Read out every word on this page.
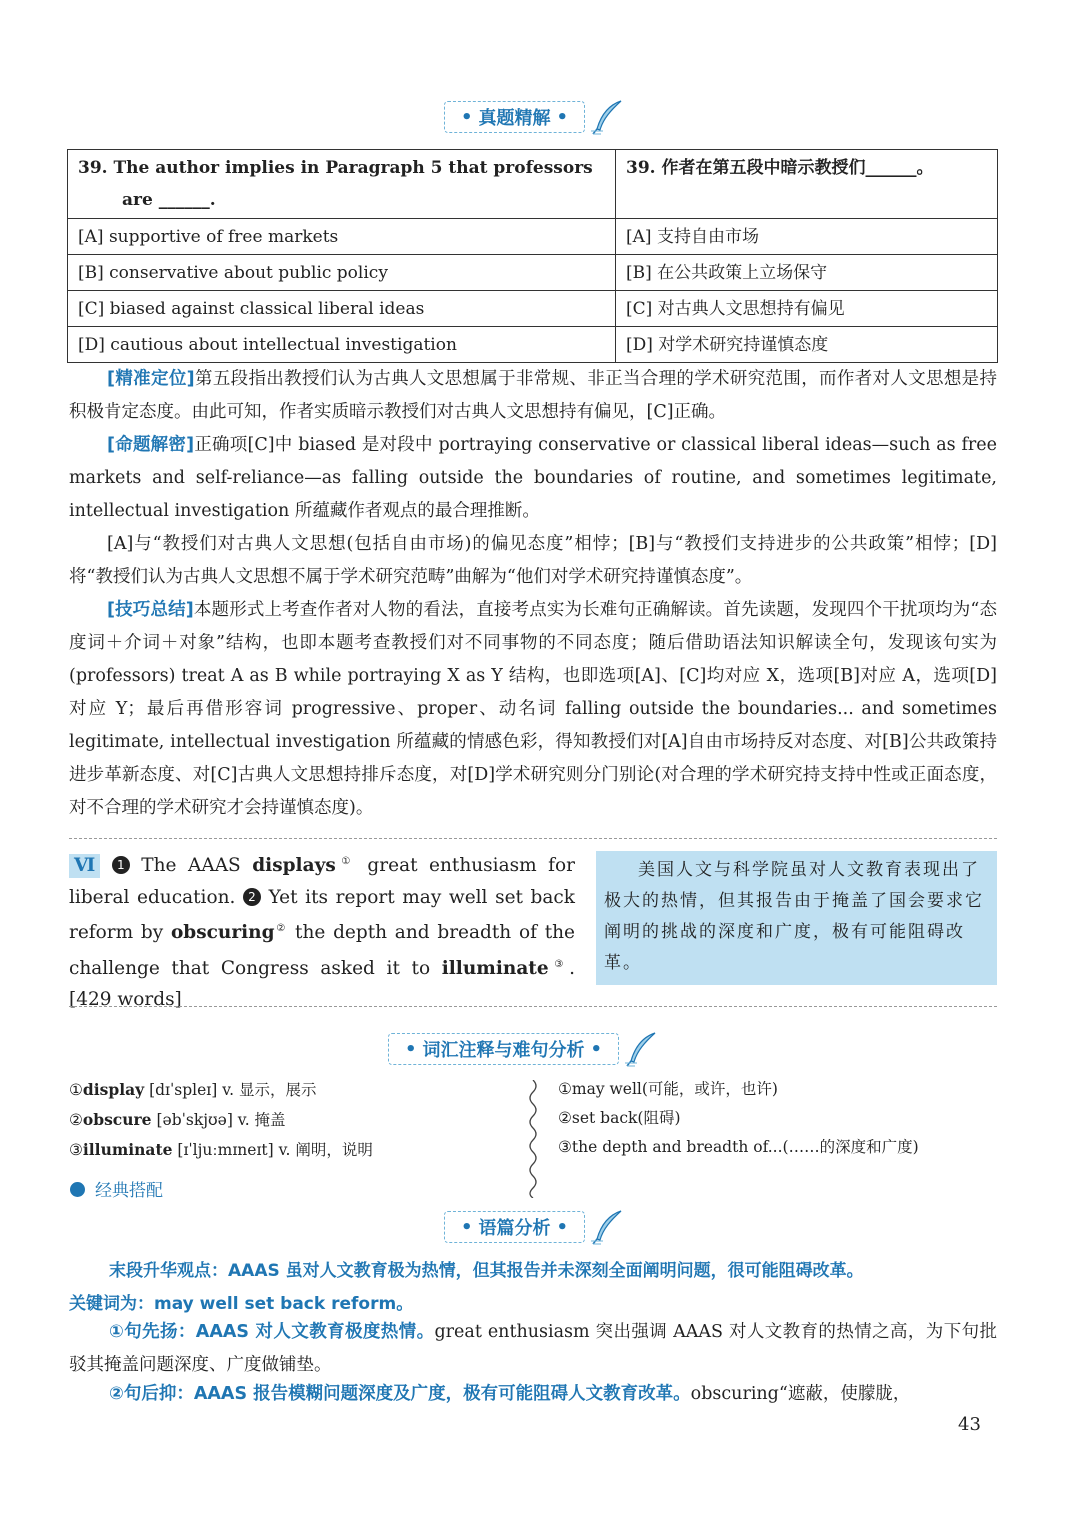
• 真题精解 •
39. The author implies in Paragraph 5 that professors
are ______.	39. 作者在第五段中暗示教授们______。
[A] supportive of free markets	[A] 支持自由市场
[B] conservative about public policy	[B] 在公共政策上立场保守
[C] biased against classical liberal ideas	[C] 对古典人文思想持有偏见
[D] cautious about intellectual investigation	[D] 对学术研究持谨慎态度
[精准定位]第五段指出教授们认为古典人文思想属于非常规、非正当合理的学术研究范围，而作者对人文思想是持积极肯定态度。由此可知，作者实质暗示教授们对古典人文思想持有偏见，[C]正确。
[命题解密]正确项[C]中 biased 是对段中 portraying conservative or classical liberal ideas—such as free markets and self-reliance—as falling outside the boundaries of routine, and sometimes legitimate, intellectual investigation 所蕴藏作者观点的最合理推断。
[A]与“教授们对古典人文思想(包括自由市场)的偏见态度”相悖；[B]与“教授们支持进步的公共政策”相悖；[D]将“教授们认为古典人文思想不属于学术研究范畴”曲解为“他们对学术研究持谨慎态度”。
[技巧总结]本题形式上考查作者对人物的看法，直接考点实为长难句正确解读。首先读题，发现四个干扰项均为“态度词＋介词＋对象”结构，也即本题考查教授们对不同事物的不同态度；随后借助语法知识解读全句，发现该句实为(professors) treat A as B while portraying X as Y 结构，也即选项[A]、[C]均对应 X，选项[B]对应 A，选项[D]对应 Y；最后再借形容词 progressive、proper、动名词 falling outside the boundaries... and sometimes legitimate, intellectual investigation 所蕴藏的情感色彩，得知教授们对[A]自由市场持反对态度、对[B]公共政策持进步革新态度、对[C]古典人文思想持排斥态度，对[D]学术研究则分门别论(对合理的学术研究持支持中性或正面态度，对不合理的学术研究才会持谨慎态度)。
Ⅵ 1 The AAAS displays① great enthusiasm for liberal education. 2 Yet its report may well set back reform by obscuring② the depth and breadth of the challenge that Congress asked it to illuminate③. [429 words]
美国人文与科学院虽对人文教育表现出了极大的热情，但其报告由于掩盖了国会要求它阐明的挑战的深度和广度，极有可能阻碍改革。
• 词汇注释与难句分析 •
①display [dɪˈspleɪ] v. 显示，展示
②obscure [əbˈskjʊə] v. 掩盖
③illuminate [ɪˈljuːmɪneɪt] v. 阐明，说明
①may well(可能，或许，也许)
②set back(阻碍)
③the depth and breadth of...(……的深度和广度)
经典搭配
• 语篇分析 •
末段升华观点：AAAS 虽对人文教育极为热情，但其报告并未深刻全面阐明问题，很可能阻碍改革。
关键词为：may well set back reform。
①句先扬：AAAS 对人文教育极度热情。great enthusiasm 突出强调 AAAS 对人文教育的热情之高，为下句批驳其掩盖问题深度、广度做铺垫。
②句后抑：AAAS 报告模糊问题深度及广度，极有可能阻碍人文教育改革。obscuring“遮蔽，使朦胧，
43
